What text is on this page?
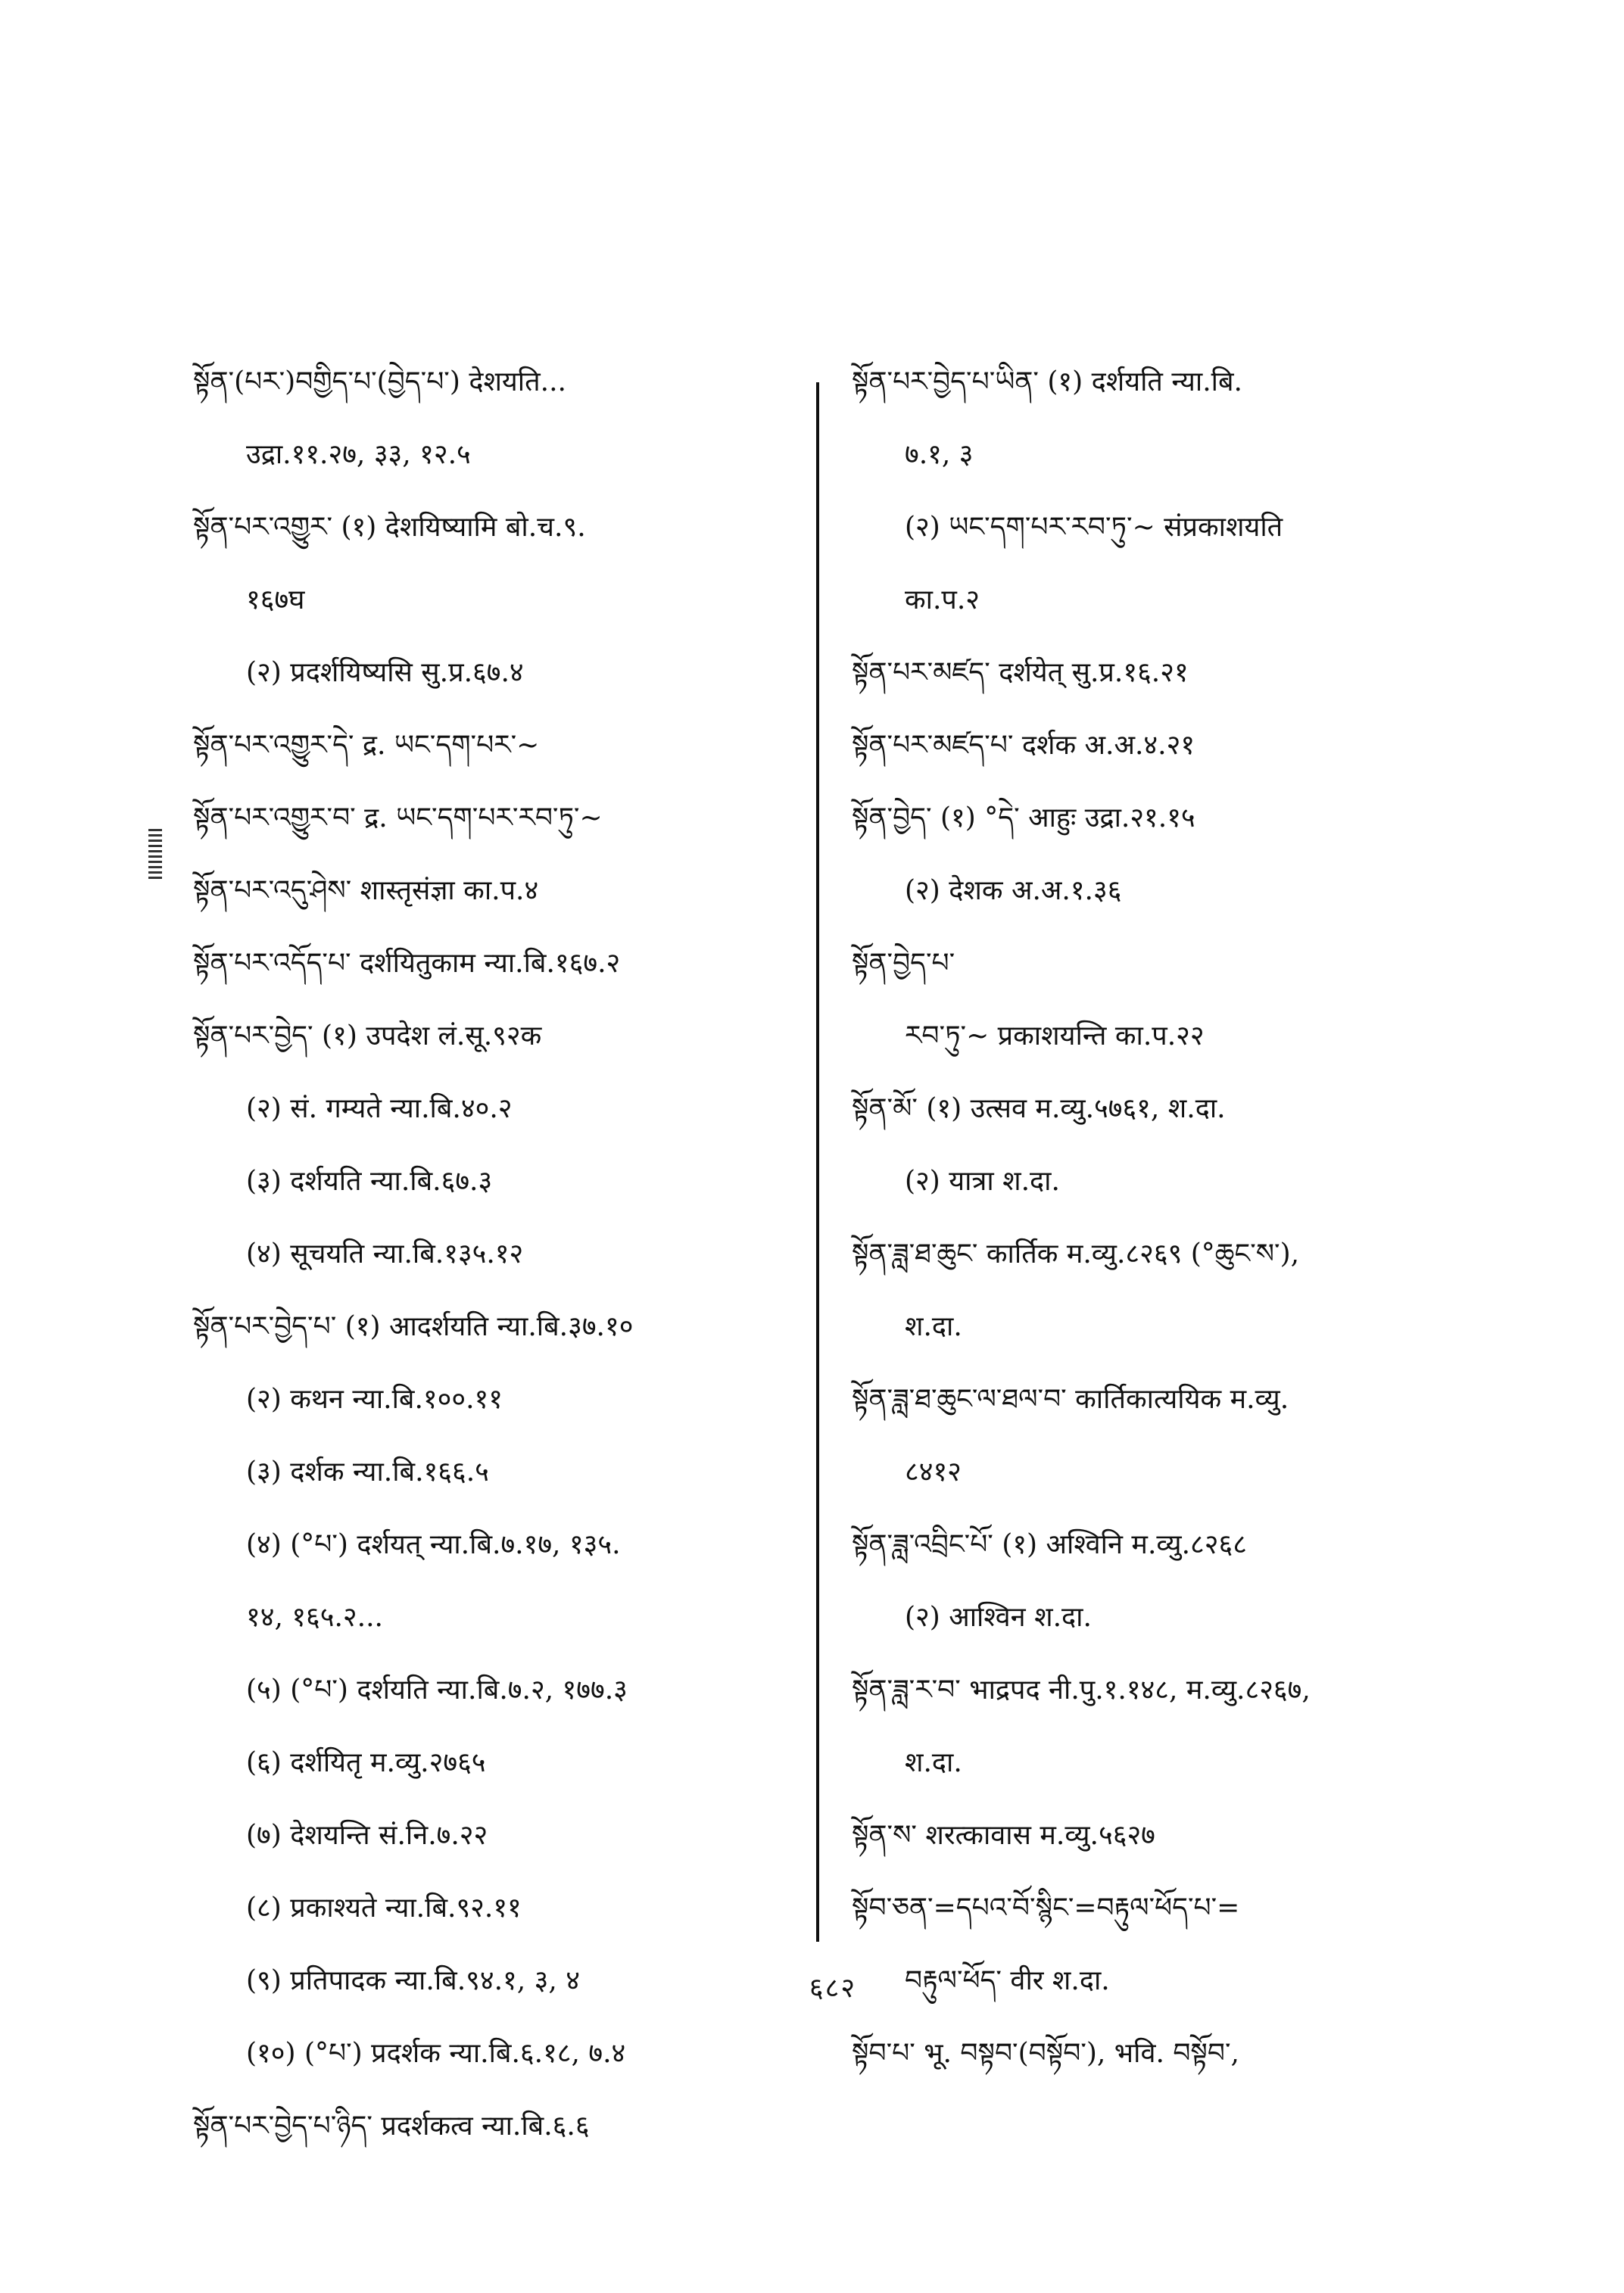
སྟོན་(པར་)བགྱིད་པ་(བྱེད་པ་) देशयति...
उद्रा.११.२७, ३३, १२.५
སྟོན་པར་འགྱུར་ (१) देशयिष्यामि बो.च.९.
१६७घ
(२) प्रदर्शयिष्यसि सु.प्र.६७.४
སྟོན་པར་འགྱུར་དེ་ द्र. ཡང་དག་པར་~
སྟོན་པར་འགྱུར་བ་ द्र. ཡང་དག་པར་རབ་ཏུ་~
སྟོན་པར་འདུ་ཤེས་ शास्तृसंज्ञा का.प.४
སྟོན་པར་འདོད་པ་ दर्शयितुकाम न्या.बि.१६७.२
སྟོན་པར་བྱེད་ (१) उपदेश लं.सू.९२क
(२) सं. गम्यते न्या.बि.४०.२
(३) दर्शयति न्या.बि.६७.३
(४) सूचयति न्या.बि.१३५.१२
སྟོན་པར་བྱེད་པ་ (१) आदर्शयति न्या.बि.३७.१०
(२) कथन न्या.बि.१००.११
(३) दर्शक न्या.बि.१६६.५
(४) (°པ་) दर्शयत् न्या.बि.७.१७, १३५.
१४, १६५.२...
(५) (°པ་) दर्शयति न्या.बि.७.२, १७७.३
(६) दर्शयितृ म.व्यु.२७६५
(७) देशयन्ति सं.नि.७.२२
(८) प्रकाश्यते न्या.बि.९२.११
(९) प्रतिपादक न्या.बि.९४.१, ३, ४
(१०) (°པ་) प्रदर्शक न्या.बि.६.१८, ७.४
སྟོན་པར་བྱེད་པ་ཉིད་ प्रदर्शकत्व न्या.बि.६.६
སྟོན་པར་བྱེད་པ་ཡིན་ (१) दर्शयति न्या.बि.
७.१, ३
(२) ཡང་དག་པར་རབ་ཏུ་~ संप्रकाशयति
का.प.२
སྟོན་པར་མཛད་ दर्शयेत् सु.प्र.१६.२१
སྟོན་པར་མཛད་པ་ दर्शक अ.अ.४.२१
སྟོན་བྱེད་ (१) °དེ་ आहुः उद्रा.२१.१५
(२) देशक अ.अ.१.३६
སྟོན་བྱེད་པ་
རབ་ཏུ་~ प्रकाशयन्ति का.प.२२
སྟོན་མོ་ (१) उत्सव म.व्यु.५७६१, श.दा.
(२) यात्रा श.दा.
སྟོན་ཟླ་ཐ་ཆུང་ कार्तिक म.व्यु.८२६९ (°ཆུང་ས་),
श.दा.
སྟོན་ཟླ་ཐ་ཆུང་ལ་ཐལ་བ་ कार्तिकात्ययिक म.व्यु.
८४१२
སྟོན་ཟླ་འབྲིང་པོ་ (१) अश्विनि म.व्यु.८२६८
(२) आश्विन श.दा.
སྟོན་ཟླ་ར་བ་ भाद्रपद नी.पु.१.१४८, म.व्यु.८२६७,
श.दा.
སྟོན་ས་ शरत्कावास म.व्यु.५६२७
སྟོབ་ཅན་=དཔའ་བོ་སྙིང་=བརྟུལ་ཕོད་པ་=
བརྟུལ་ཕོད་ वीर श.दा.
སྟོབ་པ་ भू. བསྟབ་(བསྟོབ་), भवि. བསྟོབ་,
६८२
